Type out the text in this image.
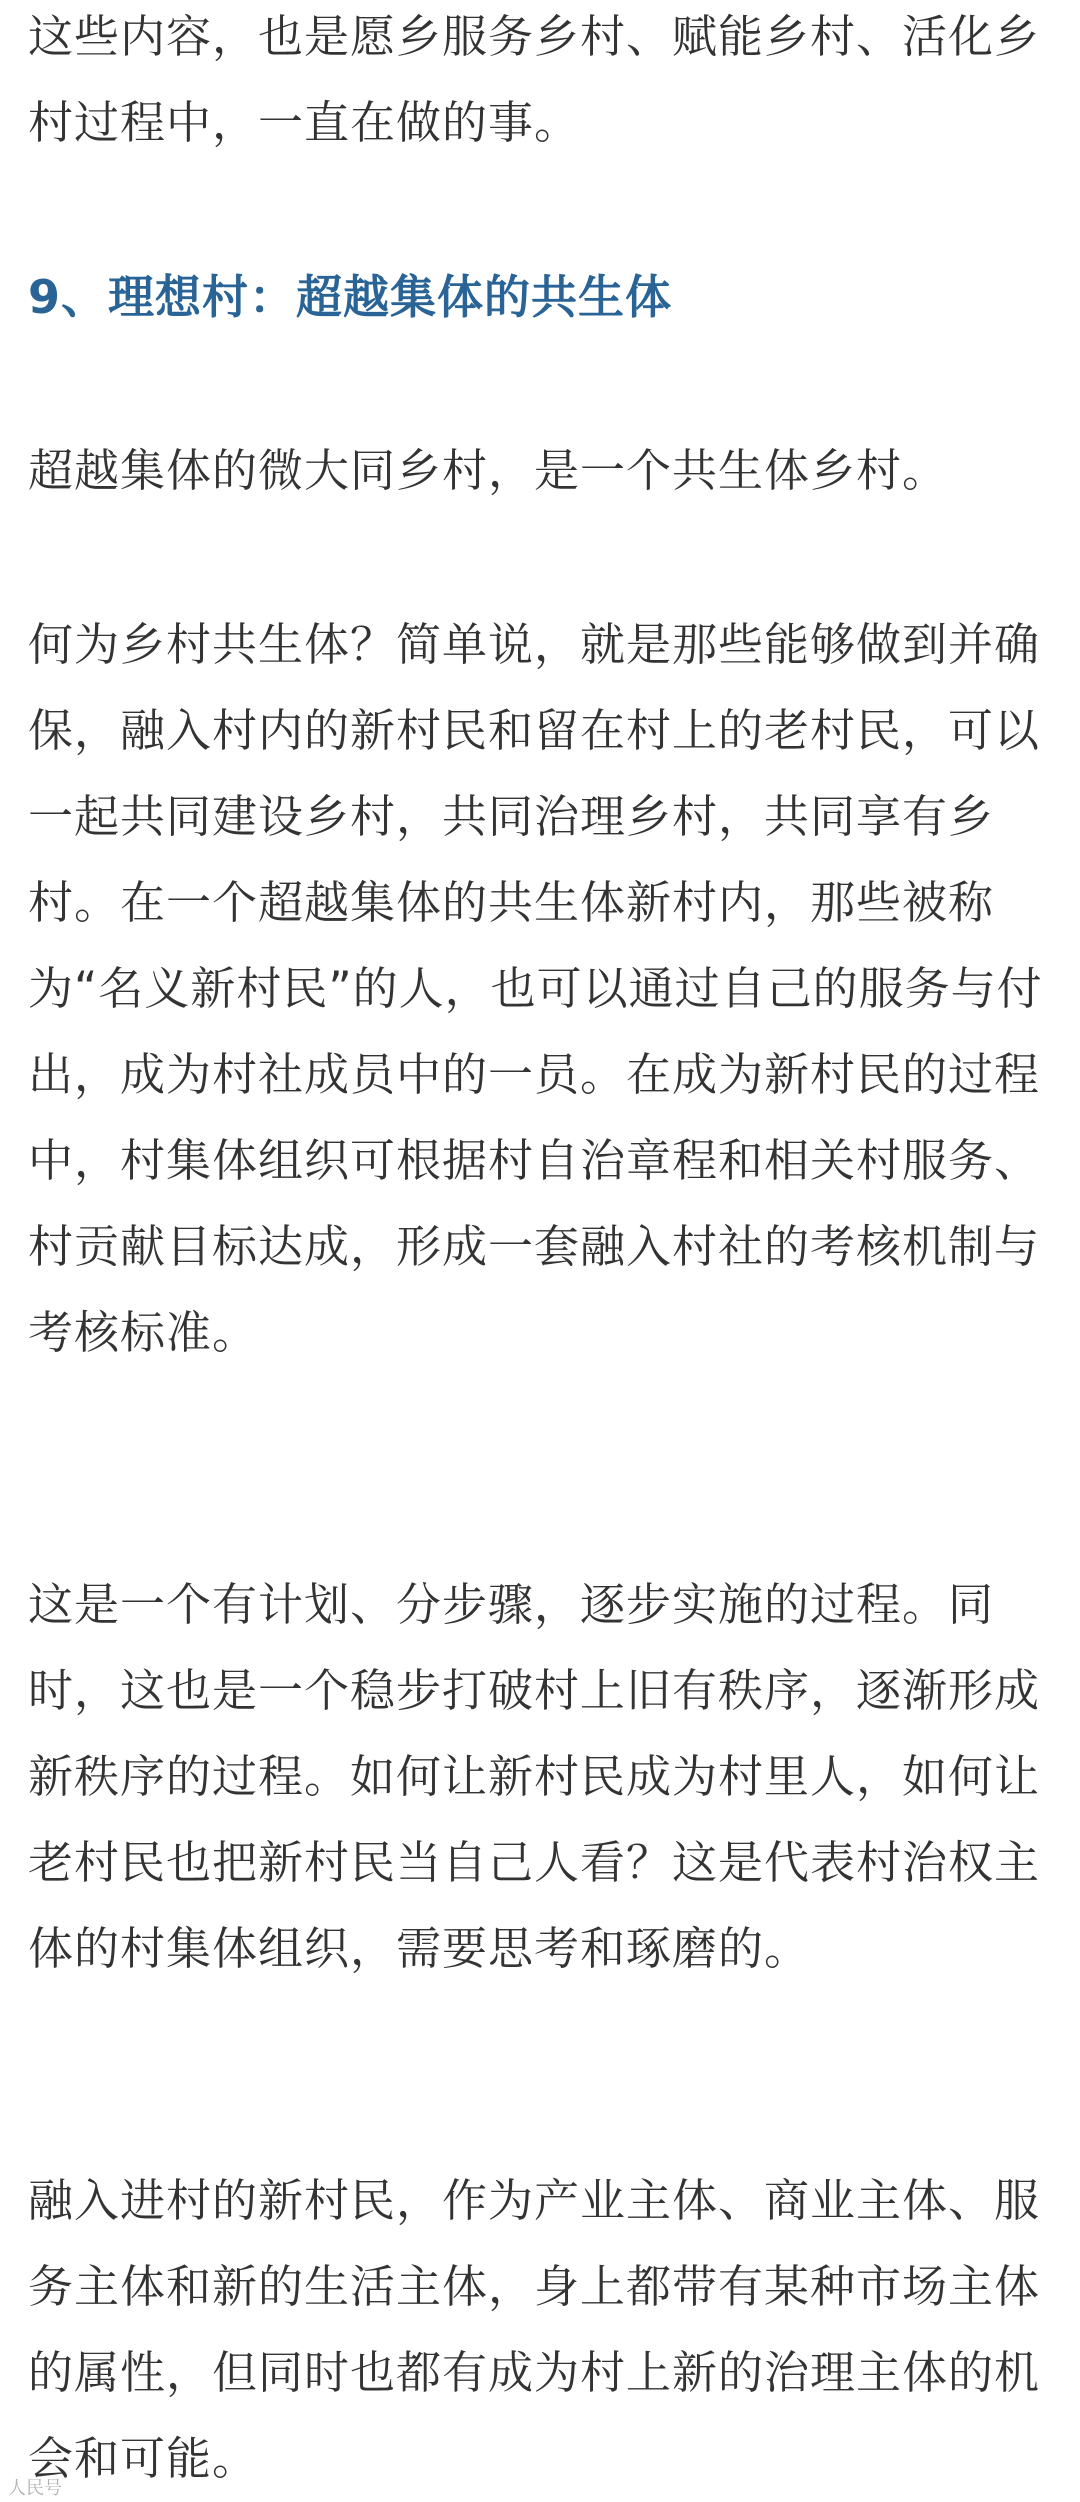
这些内容，也是愿乡服务乡村、赋能乡村、活化乡村过程中，一直在做的事。

9、理想村：超越集体的共生体

超越集体的微大同乡村，是一个共生体乡村。

何为乡村共生体？简单说，就是那些能够做到并确保，融入村内的新村民和留在村上的老村民，可以一起共同建设乡村，共同治理乡村，共同享有乡村。在一个超越集体的共生体新村内，那些被称为“名义新村民”的人，也可以通过自己的服务与付出，成为村社成员中的一员。在成为新村民的过程中，村集体组织可根据村自治章程和相关村服务、村贡献目标达成，形成一套融入村社的考核机制与考核标准。

这是一个有计划、分步骤，逐步实施的过程。同时，这也是一个稳步打破村上旧有秩序，逐渐形成新秩序的过程。如何让新村民成为村里人，如何让老村民也把新村民当自己人看？这是代表村治权主体的村集体组织，需要思考和琢磨的。

融入进村的新村民，作为产业主体、商业主体、服务主体和新的生活主体，身上都带有某种市场主体的属性，但同时也都有成为村上新的治理主体的机会和可能。

人民号
